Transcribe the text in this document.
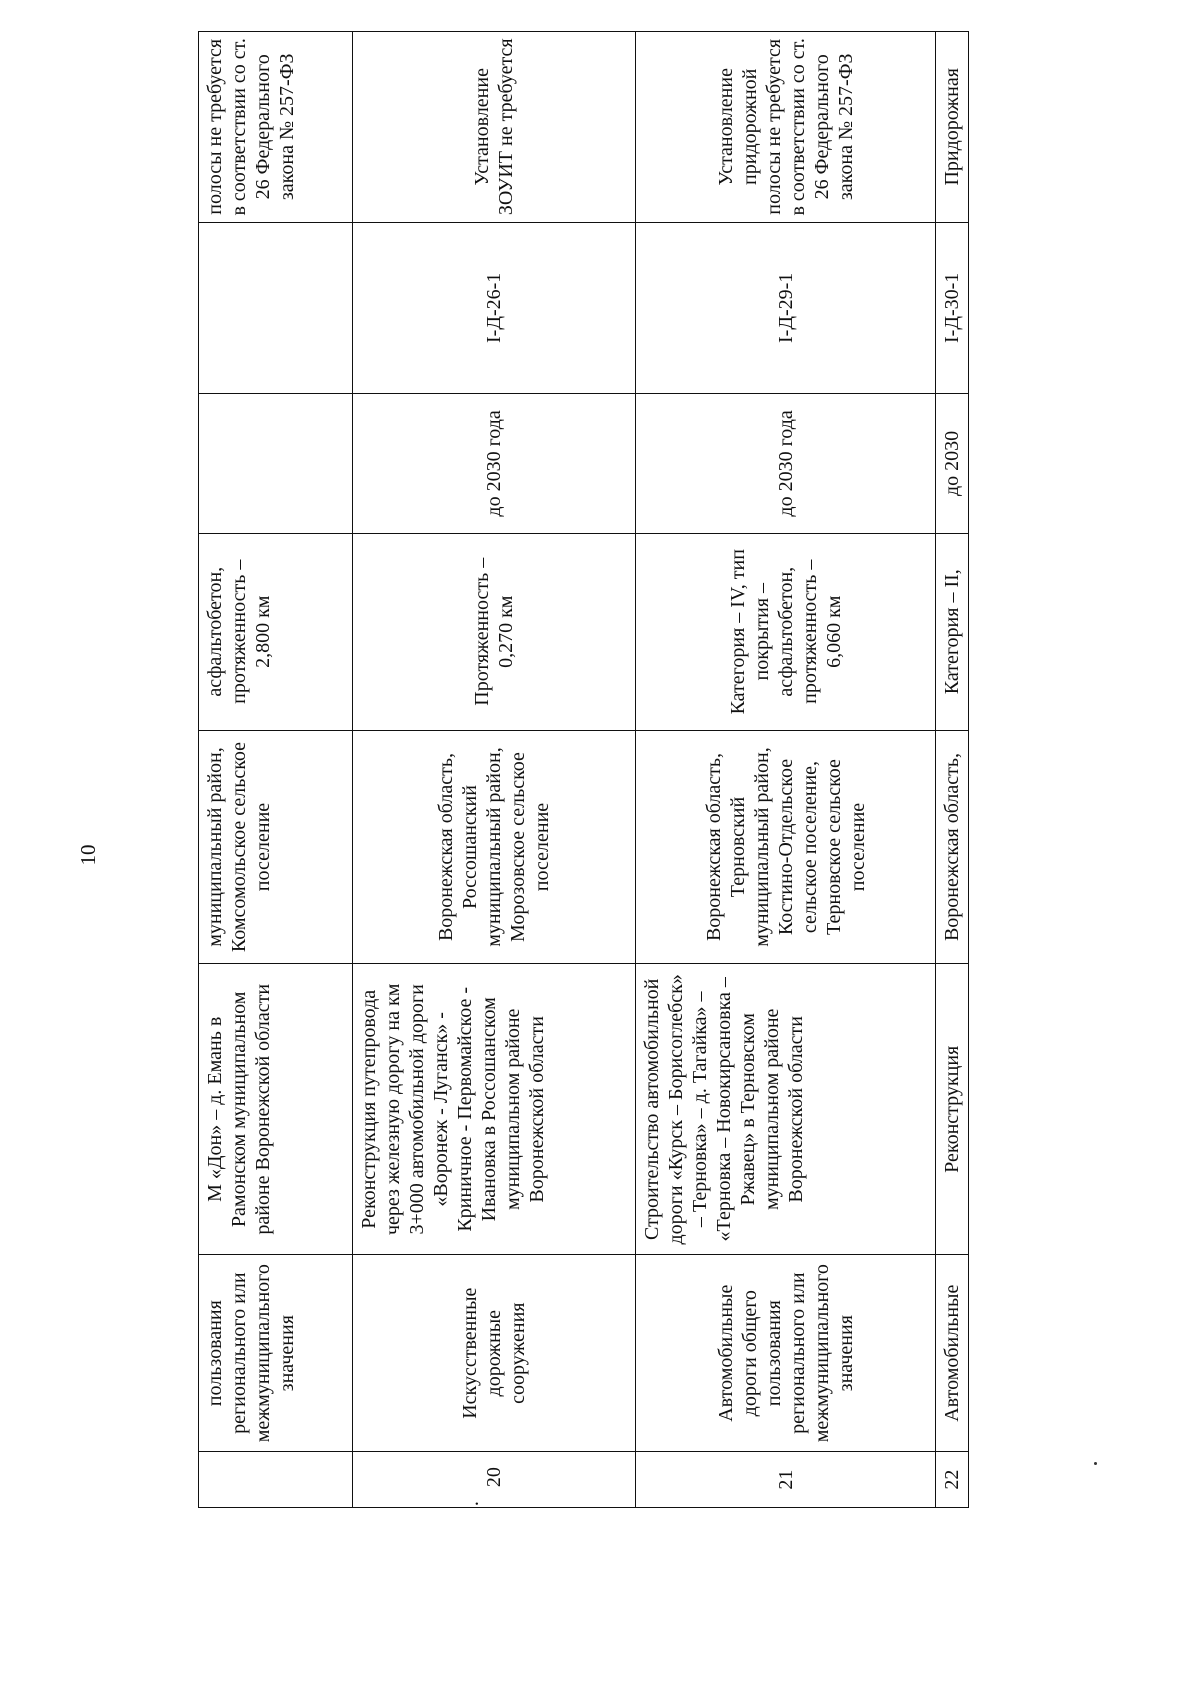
10
	пользования регионального или межмуниципального значения	М «Дон» – д. Емань в Рамонском муниципальном районе Воронежской области	муниципальный район, Комсомольское сельское поселение	асфальтобетон, протяженность – 2,800 км			полосы не требуется в соответствии со ст. 26 Федерального закона № 257-ФЗ
.20	Искусственные дорожные сооружения	Реконструкция путепровода через железную дорогу на км 3+000 автомобильной дороги «Воронеж - Луганск» - Криничное - Первомайское - Ивановка в Россошанском муниципальном районе Воронежской области	Воронежская область, Россошанский муниципальный район, Морозовское сельское поселение	Протяженность – 0,270 км	до 2030 года	I-Д-26-1	Установление ЗОУИТ не требуется
21	Автомобильные дороги общего пользования регионального или межмуниципального значения	Строительство автомобильной дороги «Курск – Борисоглебск» – Терновка» – д. Тагайка» – «Терновка – Новокирсановка – Ржавец» в Терновском муниципальном районе Воронежской области	Воронежская область, Терновский муниципальный район, Костино-Отдельское сельское поселение, Терновское сельское поселение	Категория – IV, тип покрытия – асфальтобетон, протяженность – 6,060 км	до 2030 года	I-Д-29-1	Установление придорожной полосы не требуется в соответствии со ст. 26 Федерального закона № 257-ФЗ
22	Автомобильные	Реконструкция	Воронежская область,	Категория – II,	до 2030	I-Д-30-1	Придорожная
